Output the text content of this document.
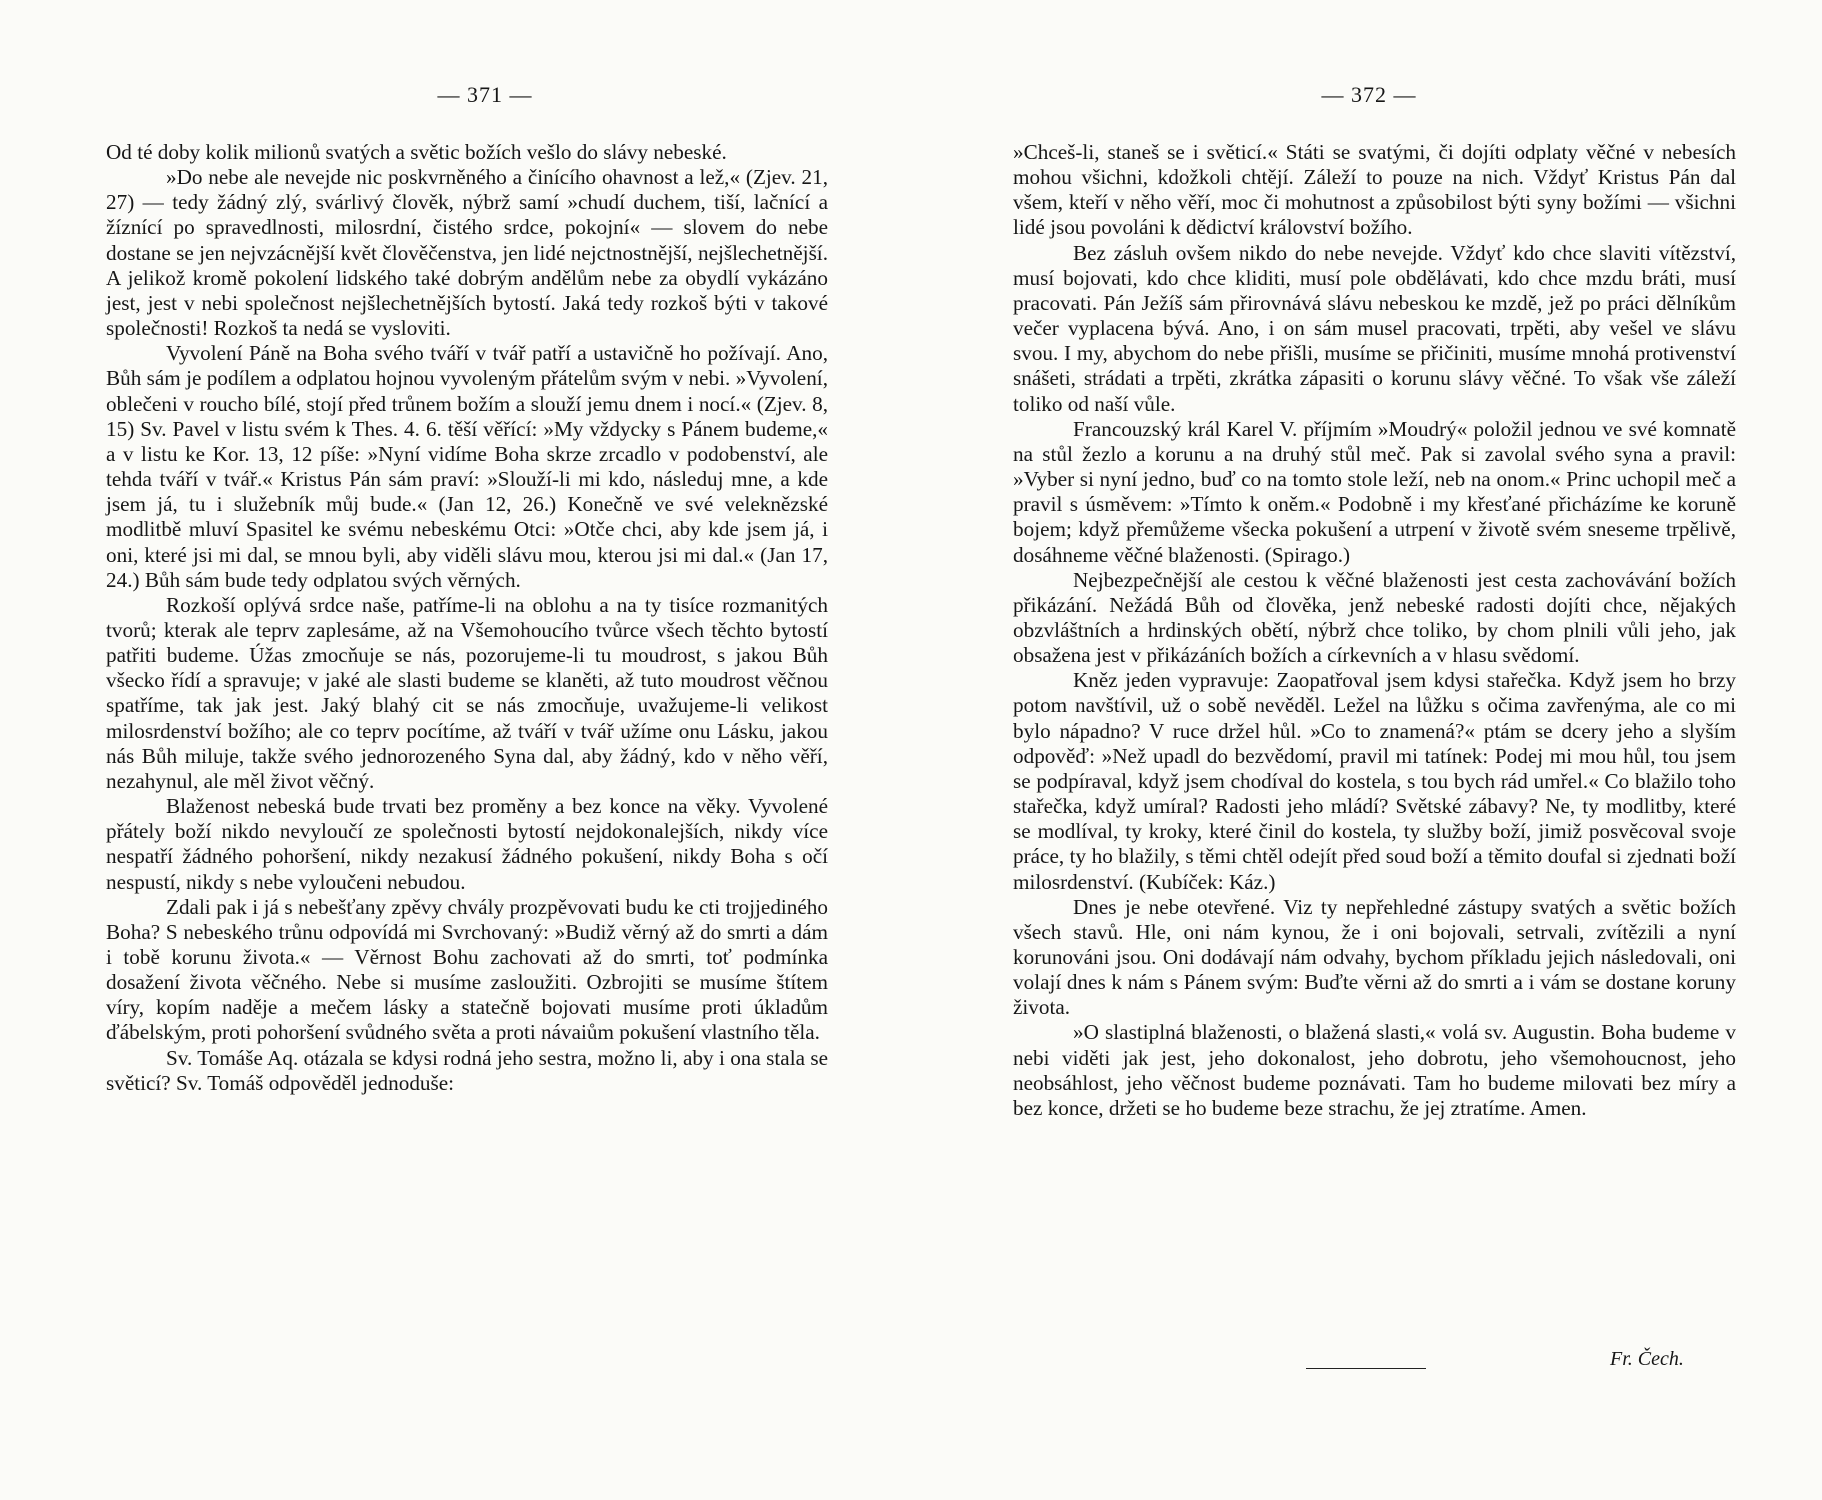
— 371 —

Od té doby kolik milionů svatých a světic božích vešlo do slávy nebeské.

»Do nebe ale nevejde nic poskvrněného a činícího ohavnost a lež,« (Zjev. 21, 27) — tedy žádný zlý, svárlivý člověk, nýbrž samí »chudí duchem, tiší, lačnící a žíznící po spravedlnosti, milosrdní, čistého srdce, pokojní« — slovem do nebe dostane se jen nejvzácnější květ člověčenstva, jen lidé nejctnostnější, nejšlechetnější. A jelikož kromě pokolení lidského také dobrým andělům nebe za obydlí vykázáno jest, jest v nebi společnost nejšlechetnějších bytostí. Jaká tedy rozkoš býti v takové společnosti! Rozkoš ta nedá se vysloviti.

Vyvolení Páně na Boha svého tváří v tvář patří a ustavičně ho požívají. Ano, Bůh sám je podílem a odplatou hojnou vyvoleným přátelům svým v nebi. »Vyvolení, oblečeni v roucho bílé, stojí před trůnem božím a slouží jemu dnem i nocí.« (Zjev. 8, 15) Sv. Pavel v listu svém k Thes. 4. 6. těší věřící: »My vždycky s Pánem budeme,« a v listu ke Kor. 13, 12 píše: »Nyní vidíme Boha skrze zrcadlo v podobenství, ale tehda tváří v tvář.« Kristus Pán sám praví: »Slouží-li mi kdo, následuj mne, a kde jsem já, tu i služebník můj bude.« (Jan 12, 26.) Konečně ve své veleknězské modlitbě mluví Spasitel ke svému nebeskému Otci: »Otče chci, aby kde jsem já, i oni, které jsi mi dal, se mnou byli, aby viděli slávu mou, kterou jsi mi dal.« (Jan 17, 24.) Bůh sám bude tedy odplatou svých věrných.

Rozkoší oplývá srdce naše, patříme-li na oblohu a na ty tisíce rozmanitých tvorů; kterak ale teprv zaplesáme, až na Všemohoucího tvůrce všech těchto bytostí patřiti budeme. Úžas zmocňuje se nás, pozorujeme-li tu moudrost, s jakou Bůh všecko řídí a spravuje; v jaké ale slasti budeme se klaněti, až tuto moudrost věčnou spatříme, tak jak jest. Jaký blahý cit se nás zmocňuje, uvažujeme-li velikost milosrdenství božího; ale co teprv pocítíme, až tváří v tvář užíme onu Lásku, jakou nás Bůh miluje, takže svého jednorozeného Syna dal, aby žádný, kdo v něho věří, nezahynul, ale měl život věčný.

Blaženost nebeská bude trvati bez proměny a bez konce na věky. Vyvolené přátely boží nikdo nevyloučí ze společnosti bytostí nejdokonalejších, nikdy více nespatří žádného pohoršení, nikdy nezakusí žádného pokušení, nikdy Boha s očí nespustí, nikdy s nebe vyloučeni nebudou.

Zdali pak i já s nebešťany zpěvy chvály prozpěvovati budu ke cti trojjediného Boha? S nebeského trůnu odpovídá mi Svrchovaný: »Budiž věrný až do smrti a dám i tobě korunu života.« — Věrnost Bohu zachovati až do smrti, toť podmínka dosažení života věčného. Nebe si musíme zasloužiti. Ozbrojiti se musíme štítem víry, kopím naděje a mečem lásky a statečně bojovati musíme proti úkladům ďábelským, proti pohoršení svůdného světa a proti návaiům pokušení vlastního těla.

Sv. Tomáše Aq. otázala se kdysi rodná jeho sestra, možno li, aby i ona stala se světicí? Sv. Tomáš odpověděl jednoduše:

— 372 —

»Chceš-li, staneš se i světicí.« Státi se svatými, či dojíti odplaty věčné v nebesích mohou všichni, kdožkoli chtějí. Záleží to pouze na nich. Vždyť Kristus Pán dal všem, kteří v něho věří, moc či mohutnost a způsobilost býti syny božími — všichni lidé jsou povoláni k dědictví království božího.

Bez zásluh ovšem nikdo do nebe nevejde. Vždyť kdo chce slaviti vítězství, musí bojovati, kdo chce kliditi, musí pole obdělávati, kdo chce mzdu bráti, musí pracovati. Pán Ježíš sám přirovnává slávu nebeskou ke mzdě, jež po práci dělníkům večer vyplacena bývá. Ano, i on sám musel pracovati, trpěti, aby vešel ve slávu svou. I my, abychom do nebe přišli, musíme se přičiniti, musíme mnohá protivenství snášeti, strádati a trpěti, zkrátka zápasiti o korunu slávy věčné. To však vše záleží toliko od naší vůle.

Francouzský král Karel V. příjmím »Moudrý« položil jednou ve své komnatě na stůl žezlo a korunu a na druhý stůl meč. Pak si zavolal svého syna a pravil: »Vyber si nyní jedno, buď co na tomto stole leží, neb na onom.« Princ uchopil meč a pravil s úsměvem: »Tímto k oněm.« Podobně i my křesťané přicházíme ke koruně bojem; když přemůžeme všecka pokušení a utrpení v životě svém sneseme trpělivě, dosáhneme věčné blaženosti. (Spirago.)

Nejbezpečnější ale cestou k věčné blaženosti jest cesta zachovávání božích přikázání. Nežádá Bůh od člověka, jenž nebeské radosti dojíti chce, nějakých obzvláštních a hrdinských obětí, nýbrž chce toliko, by chom plnili vůli jeho, jak obsažena jest v přikázáních božích a církevních a v hlasu svědomí.

Kněz jeden vypravuje: Zaopatřoval jsem kdysi stařečka. Když jsem ho brzy potom navštívil, už o sobě nevěděl. Ležel na lůžku s očima zavřenýma, ale co mi bylo nápadno? V ruce držel hůl. »Co to znamená?« ptám se dcery jeho a slyším odpověď: »Než upadl do bezvědomí, pravil mi tatínek: Podej mi mou hůl, tou jsem se podpíraval, když jsem chodíval do kostela, s tou bych rád umřel.« Co blažilo toho stařečka, když umíral? Radosti jeho mládí? Světské zábavy? Ne, ty modlitby, které se modlíval, ty kroky, které činil do kostela, ty služby boží, jimiž posvěcoval svoje práce, ty ho blažily, s těmi chtěl odejít před soud boží a těmito doufal si zjednati boží milosrdenství. (Kubíček: Káz.)

Dnes je nebe otevřené. Viz ty nepřehledné zástupy svatých a světic božích všech stavů. Hle, oni nám kynou, že i oni bojovali, setrvali, zvítězili a nyní korunováni jsou. Oni dodávají nám odvahy, bychom příkladu jejich následovali, oni volají dnes k nám s Pánem svým: Buďte věrni až do smrti a i vám se dostane koruny života.

»O slastiplná blaženosti, o blažená slasti,« volá sv. Augustin. Boha budeme v nebi viděti jak jest, jeho dokonalost, jeho dobrotu, jeho všemohoucnost, jeho neobsáhlost, jeho věčnost budeme poznávati. Tam ho budeme milovati bez míry a bez konce, držeti se ho budeme beze strachu, že jej ztratíme. Amen.

Fr. Čech.
